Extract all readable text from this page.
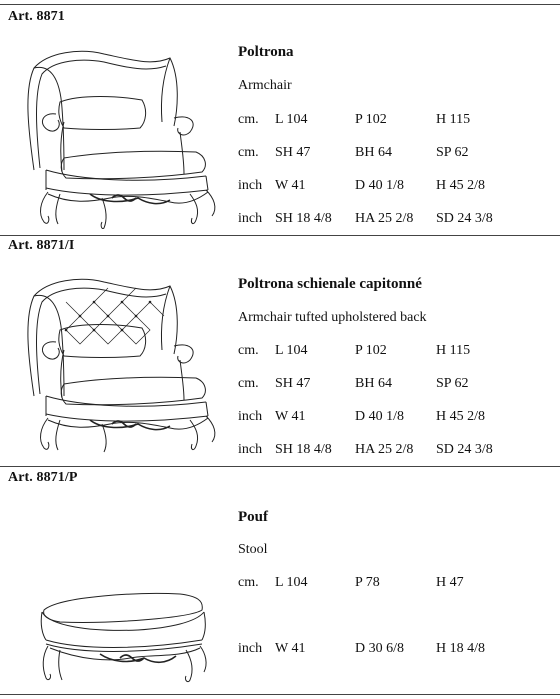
Art. 8871
Poltrona
Armchair
cm. L 104	P 102	H 115
cm. SH 47	BH 64	SP 62
inch W 41	D 40 1/8 H 45 2/8
inch SH 18 4/8 HA 25 2/8 SD 24 3/8
Art. 8871/I
Poltrona schienale capitonné
Armchair tufted upholstered back
cm. L 104	P 102	H 115
cm. SH 47	BH 64	SP 62
inch W 41	D 40 1/8 H 45 2/8
inch SH 18 4/8 HA 25 2/8 SD 24 3/8
Art. 8871/P
Pouf
Stool
cm. L 104	P 78	H 47
inch W 41	D 30 6/8 H 18 4/8
